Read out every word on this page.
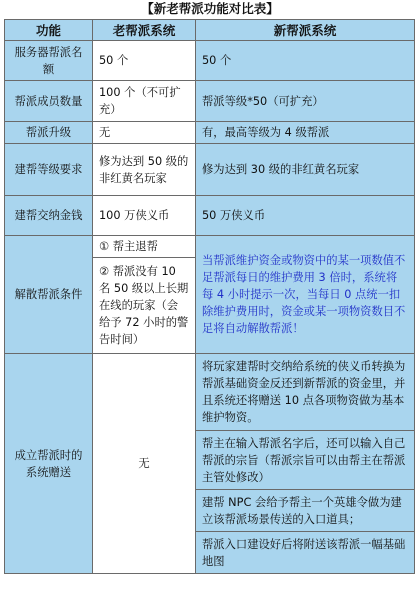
【新老帮派功能对比表】
功能	老帮派系统	新帮派系统
服务器帮派名额	50 个	50 个
帮派成员数量	100 个（不可扩充）	帮派等级*50（可扩充）
帮派升级	无	有，最高等级为 4 级帮派
建帮等级要求	修为达到 50 级的非红黄名玩家	修为达到 30 级的非红黄名玩家
建帮交纳金钱	100 万侠义币	50 万侠义币
解散帮派条件	① 帮主退帮	当帮派维护资金或物资中的某一项数值不足帮派每日的维护费用 3 倍时，系统将每 4 小时提示一次，当每日 0 点统一扣除维护费用时，资金或某一项物资数目不足将自动解散帮派！
	② 帮派没有 10 名 50 级以上长期在线的玩家（会给予 72 小时的警告时间）	
成立帮派时的系统赠送	无	将玩家建帮时交纳给系统的侠义币转换为帮派基础资金反还到新帮派的资金里，并且系统还将赠送 10 点各项物资做为基本维护物资。
		帮主在输入帮派名字后，还可以输入自己帮派的宗旨（帮派宗旨可以由帮主在帮派主管处修改）
		建帮 NPC 会给予帮主一个英雄令做为建立该帮派场景传送的入口道具；
		帮派入口建设好后将附送该帮派一幅基础地图
